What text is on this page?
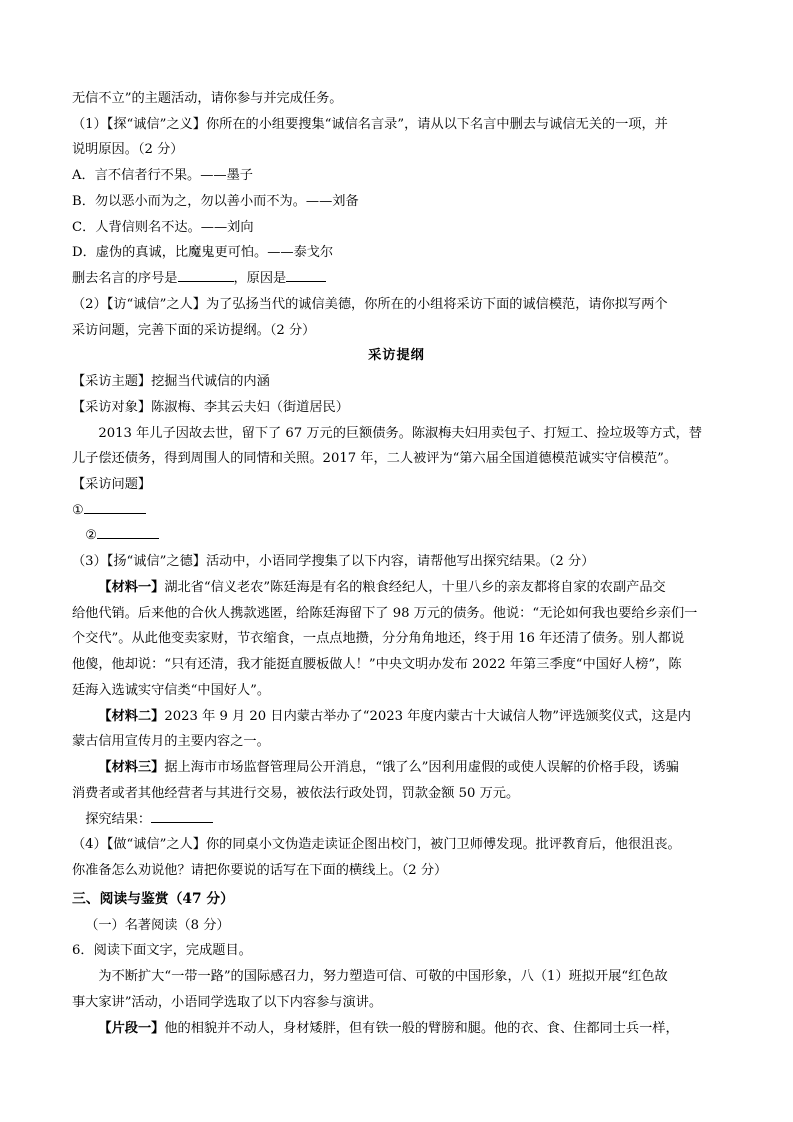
无信不立”的主题活动，请你参与并完成任务。

（1）【探“诚信”之义】你所在的小组要搜集“诚信名言录”，请从以下名言中删去与诚信无关的一项，并

说明原因。（2 分）

A．言不信者行不果。——墨子

B．勿以恶小而为之，勿以善小而不为。——刘备

C．人背信则名不达。——刘向

D．虚伪的真诚，比魔鬼更可怕。——泰戈尔

删去名言的序号是	，原因是

（2）【访“诚信”之人】为了弘扬当代的诚信美德，你所在的小组将采访下面的诚信模范，请你拟写两个

采访问题，完善下面的采访提纲。（2 分）

采访提纲

【采访主题】挖掘当代诚信的内涵

【采访对象】陈淑梅、李其云夫妇（街道居民）

2013 年儿子因故去世，留下了 67 万元的巨额债务。陈淑梅夫妇用卖包子、打短工、捡垃圾等方式，替

儿子偿还债务，得到周围人的同情和关照。2017 年，二人被评为“第六届全国道德模范诚实守信模范”。

【采访问题】

①

②

（3）【扬“诚信”之德】活动中，小语同学搜集了以下内容，请帮他写出探究结果。（2 分）

【材料一】湖北省“信义老农”陈廷海是有名的粮食经纪人，十里八乡的亲友都将自家的农副产品交

给他代销。后来他的合伙人携款逃匿，给陈廷海留下了 98 万元的债务。他说：“无论如何我也要给乡亲们一

个交代”。从此他变卖家财，节衣缩食，一点点地攒，分分角角地还，终于用 16 年还清了债务。别人都说

他傻，他却说：“只有还清，我才能挺直腰板做人！”中央文明办发布 2022 年第三季度“中国好人榜”，陈

廷海入选诚实守信类“中国好人”。

【材料二】2023 年 9 月 20 日内蒙古举办了“2023 年度内蒙古十大诚信人物”评选颁奖仪式，这是内

蒙古信用宣传月的主要内容之一。

【材料三】据上海市市场监督管理局公开消息，“饿了么”因利用虚假的或使人误解的价格手段，诱骗

消费者或者其他经营者与其进行交易，被依法行政处罚，罚款金额 50 万元。

探究结果：

（4）【做“诚信”之人】你的同桌小文伪造走读证企图出校门，被门卫师傅发现。批评教育后，他很沮丧。

你准备怎么劝说他？请把你要说的话写在下面的横线上。（2 分）

三、阅读与鉴赏（47 分）

（一）名著阅读（8 分）

6．阅读下面文字，完成题目。

为不断扩大“一带一路”的国际感召力，努力塑造可信、可敬的中国形象，八（1）班拟开展“红色故

事大家讲”活动，小语同学选取了以下内容参与演讲。

【片段一】他的相貌并不动人，身材矮胖，但有铁一般的臂膀和腿。他的衣、食、住都同士兵一样，
